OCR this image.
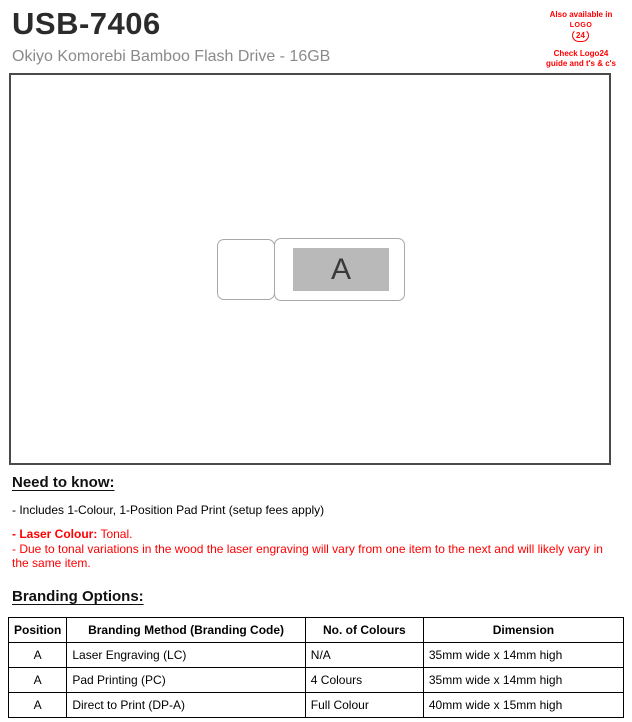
USB-7406
Okiyo Komorebi Bamboo Flash Drive - 16GB
Also available in
LOGO
24
Check Logo24
guide and t's & c's
A
Need to know:
- Includes 1-Colour, 1-Position Pad Print (setup fees apply)
- Laser Colour: Tonal.
- Due to tonal variations in the wood the laser engraving will vary from one item to the next and will likely vary in the same item.
Branding Options:
Position	Branding Method (Branding Code)	No. of Colours	Dimension
A	Laser Engraving (LC)	N/A	35mm wide x 14mm high
A	Pad Printing (PC)	4 Colours	35mm wide x 14mm high
A	Direct to Print (DP-A)	Full Colour	40mm wide x 15mm high
